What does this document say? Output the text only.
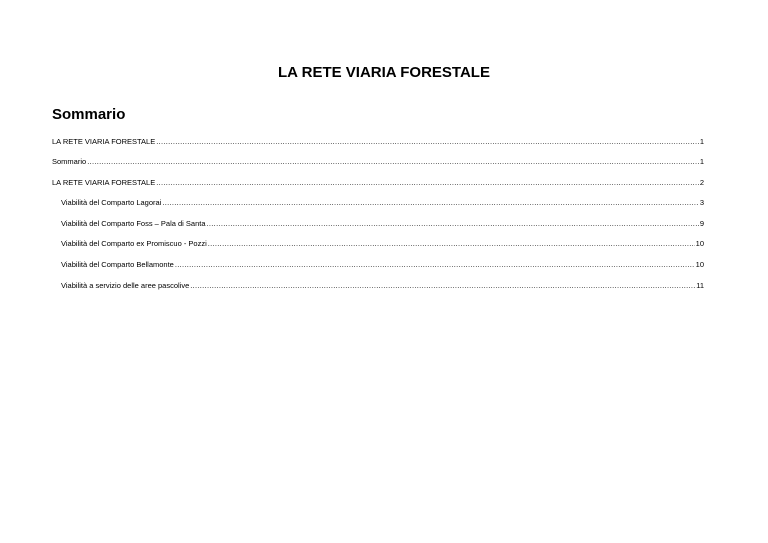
LA RETE VIARIA FORESTALE
Sommario
LA RETE VIARIA FORESTALE .....	1
Sommario .....	1
LA RETE VIARIA FORESTALE .....	2
Viabilità del Comparto Lagorai .....	3
Viabilità del Comparto Foss – Pala di Santa .....	9
Viabilità del Comparto ex Promiscuo - Pozzi .....	10
Viabilità del Comparto Bellamonte .....	10
Viabilità a servizio delle aree pascolive .....	11
